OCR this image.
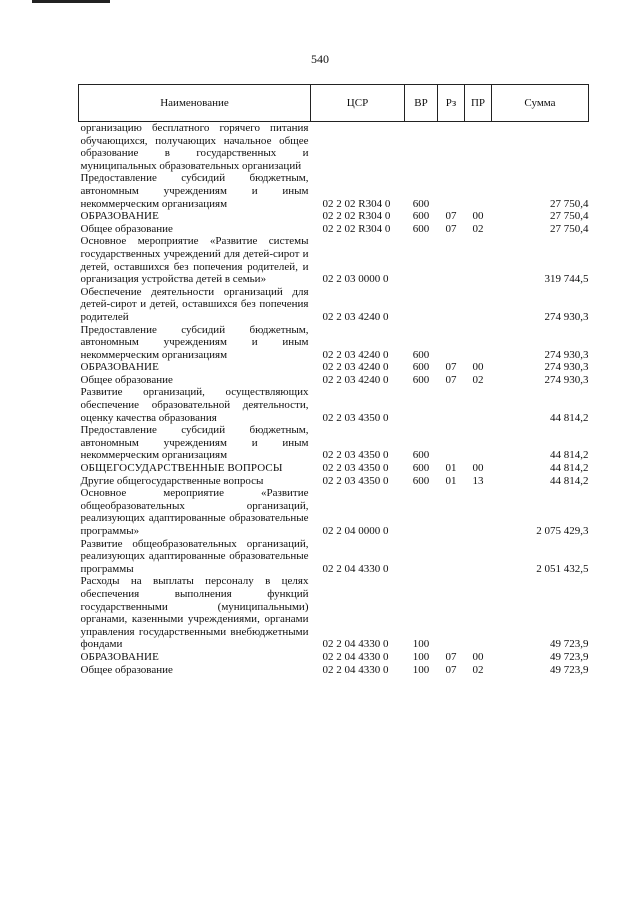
540
Наименование	ЦСР	ВР	Рз	ПР	Сумма
организацию бесплатного горячего питания обучающихся, получающих начальное общее образование в государственных и муниципальных образовательных организаций					
Предоставление субсидий бюджетным, автономным учреждениям и иным некоммерческим организациям	02 2 02 R304 0	600			27 750,4
ОБРАЗОВАНИЕ	02 2 02 R304 0	600	07	00	27 750,4
Общее образование	02 2 02 R304 0	600	07	02	27 750,4
Основное мероприятие «Развитие системы государственных учреждений для детей-сирот и детей, оставшихся без попечения родителей, и организация устройства детей в семьи»	02 2 03 0000 0				319 744,5
Обеспечение деятельности организаций для детей-сирот и детей, оставшихся без попечения родителей	02 2 03 4240 0				274 930,3
Предоставление субсидий бюджетным, автономным учреждениям и иным некоммерческим организациям	02 2 03 4240 0	600			274 930,3
ОБРАЗОВАНИЕ	02 2 03 4240 0	600	07	00	274 930,3
Общее образование	02 2 03 4240 0	600	07	02	274 930,3
Развитие организаций, осуществляющих обеспечение образовательной деятельности, оценку качества образования	02 2 03 4350 0				44 814,2
Предоставление субсидий бюджетным, автономным учреждениям и иным некоммерческим организациям	02 2 03 4350 0	600			44 814,2
ОБЩЕГОСУДАРСТВЕННЫЕ ВОПРОСЫ	02 2 03 4350 0	600	01	00	44 814,2
Другие общегосударственные вопросы	02 2 03 4350 0	600	01	13	44 814,2
Основное мероприятие «Развитие общеобразовательных организаций, реализующих адаптированные образовательные программы»	02 2 04 0000 0				2 075 429,3
Развитие общеобразовательных организаций, реализующих адаптированные образовательные программы	02 2 04 4330 0				2 051 432,5
Расходы на выплаты персоналу в целях обеспечения выполнения функций государственными (муниципальными) органами, казенными учреждениями, органами управления государственными внебюджетными фондами	02 2 04 4330 0	100			49 723,9
ОБРАЗОВАНИЕ	02 2 04 4330 0	100	07	00	49 723,9
Общее образование	02 2 04 4330 0	100	07	02	49 723,9
